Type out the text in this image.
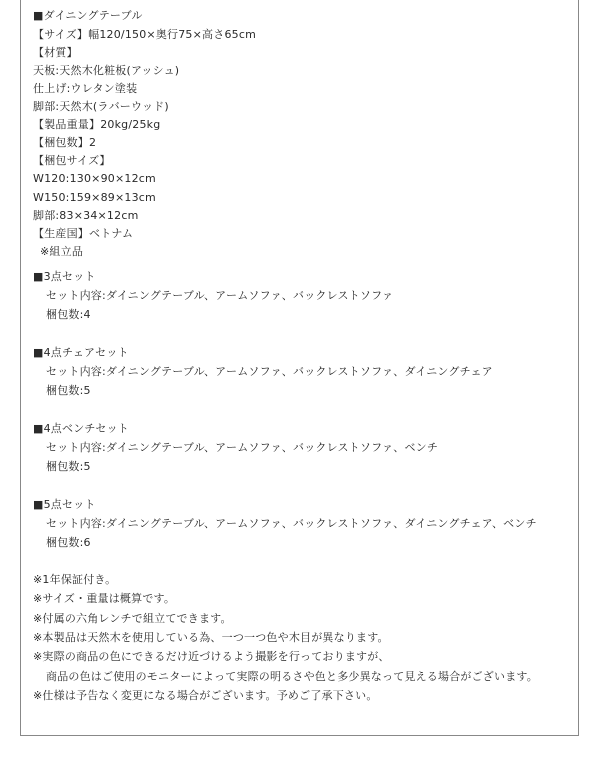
■ダイニングテーブル
【サイズ】幅120/150×奥行75×高さ65cm
【材質】
天板:天然木化粧板(アッシュ)
仕上げ:ウレタン塗装
脚部:天然木(ラバーウッド)
【製品重量】20kg/25kg
【梱包数】2
【梱包サイズ】
W120:130×90×12cm
W150:159×89×13cm
脚部:83×34×12cm
【生産国】ベトナム
※組立品
■3点セット
セット内容:ダイニングテーブル、アームソファ、バックレストソファ
梱包数:4
■4点チェアセット
セット内容:ダイニングテーブル、アームソファ、バックレストソファ、ダイニングチェア
梱包数:5
■4点ベンチセット
セット内容:ダイニングテーブル、アームソファ、バックレストソファ、ベンチ
梱包数:5
■5点セット
セット内容:ダイニングテーブル、アームソファ、バックレストソファ、ダイニングチェア、ベンチ
梱包数:6
※1年保証付き。
※サイズ・重量は概算です。
※付属の六角レンチで組立てできます。
※本製品は天然木を使用している為、一つ一つ色や木目が異なります。
※実際の商品の色にできるだけ近づけるよう撮影を行っておりますが、
商品の色はご使用のモニターによって実際の明るさや色と多少異なって見える場合がございます。
※仕様は予告なく変更になる場合がございます。予めご了承下さい。
